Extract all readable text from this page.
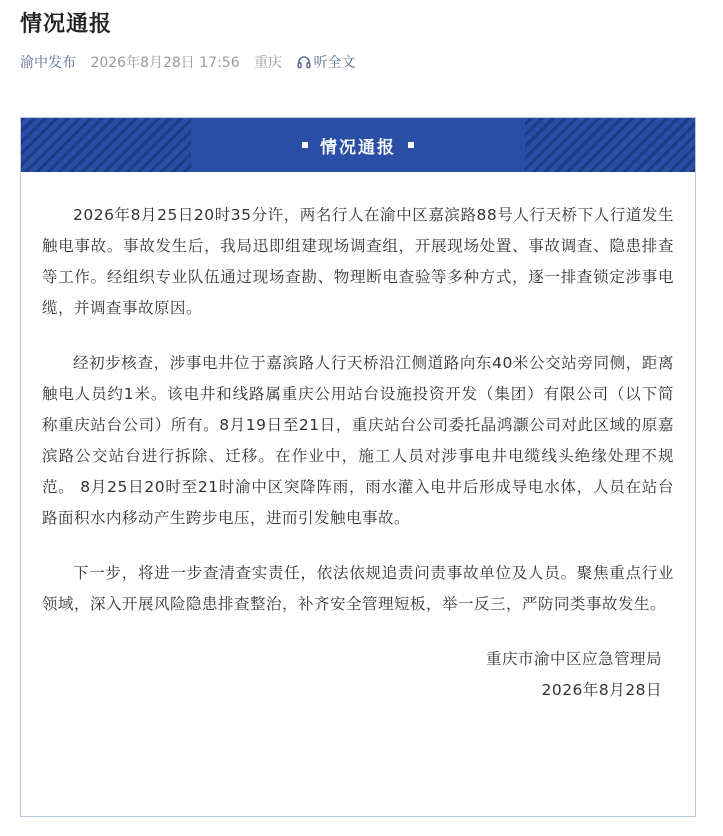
情况通报
渝中发布 2026年8月28日 17:56 重庆 听全文
情况通报

2026年8月25日20时35分许，两名行人在渝中区嘉滨路88号人行天桥下人行道发生触电事故。事故发生后，我局迅即组建现场调查组，开展现场处置、事故调查、隐患排查等工作。经组织专业队伍通过现场查勘、物理断电查验等多种方式，逐一排查锁定涉事电缆，并调查事故原因。

经初步核查，涉事电井位于嘉滨路人行天桥沿江侧道路向东40米公交站旁同侧，距离触电人员约1米。该电井和线路属重庆公用站台设施投资开发（集团）有限公司（以下简称重庆站台公司）所有。8月19日至21日，重庆站台公司委托晶鸿灏公司对此区域的原嘉滨路公交站台进行拆除、迁移。在作业中，施工人员对涉事电井电缆线头绝缘处理不规范。 8月25日20时至21时渝中区突降阵雨，雨水灌入电井后形成导电水体，人员在站台路面积水内移动产生跨步电压，进而引发触电事故。

下一步，将进一步查清查实责任，依法依规追责问责事故单位及人员。聚焦重点行业领域，深入开展风险隐患排查整治，补齐安全管理短板，举一反三，严防同类事故发生。

重庆市渝中区应急管理局
2026年8月28日
